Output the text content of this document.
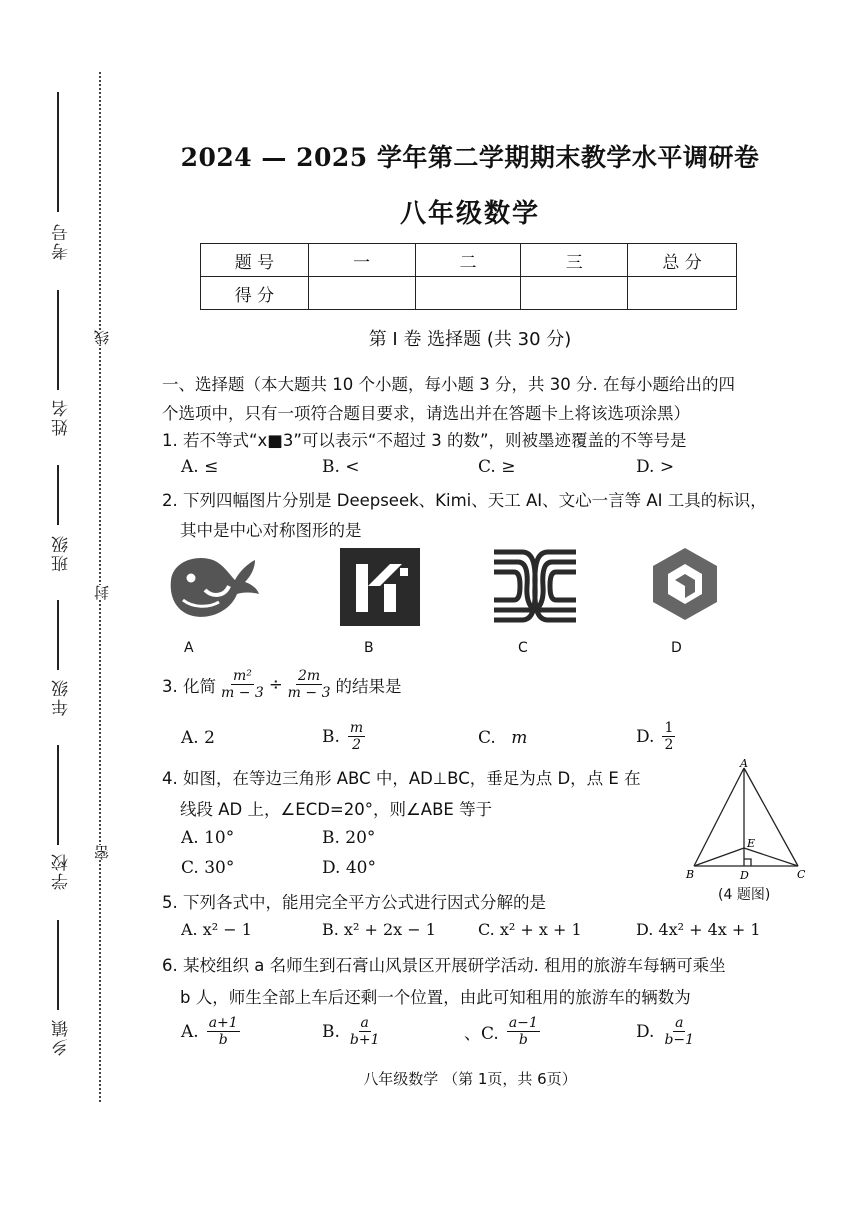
考号
姓名
班级
年级
学校
乡镇
线
封
密
2024 — 2025 学年第二学期期末教学水平调研卷
八年级数学
题 号	一	二	三	总 分
得 分				
第 I 卷 选择题 (共 30 分)
一、选择题（本大题共 10 个小题，每小题 3 分，共 30 分. 在每小题给出的四
个选项中，只有一项符合题目要求，请选出并在答题卡上将该选项涂黑）
1. 若不等式“x■3”可以表示“不超过 3 的数”，则被墨迹覆盖的不等号是
A. ≤	B. <	C. ≥	D. >
2. 下列四幅图片分别是 Deepseek、Kimi、天工 AI、文心一言等 AI 工具的标识，
其中是中心对称图形的是
A	B	C	D
3. 化简 $\frac{\text{m²}}{m - 3} \div \frac{2m}{m - 3}$ 的结果是
A. 2	B. $\frac{m}{2}$	C. m	D. $\frac{1}{2}$
4. 如图，在等边三角形 ABC 中，AD⊥BC，垂足为点 D，点 E 在
线段 AD 上，∠ECD=20°，则∠ABE 等于
A. 10°	B. 20°
C. 30°	D. 40°
A
B	C
D
E
(4 题图)
5. 下列各式中，能用完全平方公式进行因式分解的是
A. x² − 1	B. x² + 2x − 1	C. x² + x + 1	D. 4x² + 4x + 1
6. 某校组织 a 名师生到石膏山风景区开展研学活动. 租用的旅游车每辆可乘坐
b 人，师生全部上车后还剩一个位置，由此可知租用的旅游车的辆数为
A. $\frac{a+1}{b}$	B. $\frac{a}{b+1}$	、C. $\frac{a-1}{b}$	D. $\frac{a}{b-1}$
八年级数学 （第 1页，共 6页）
